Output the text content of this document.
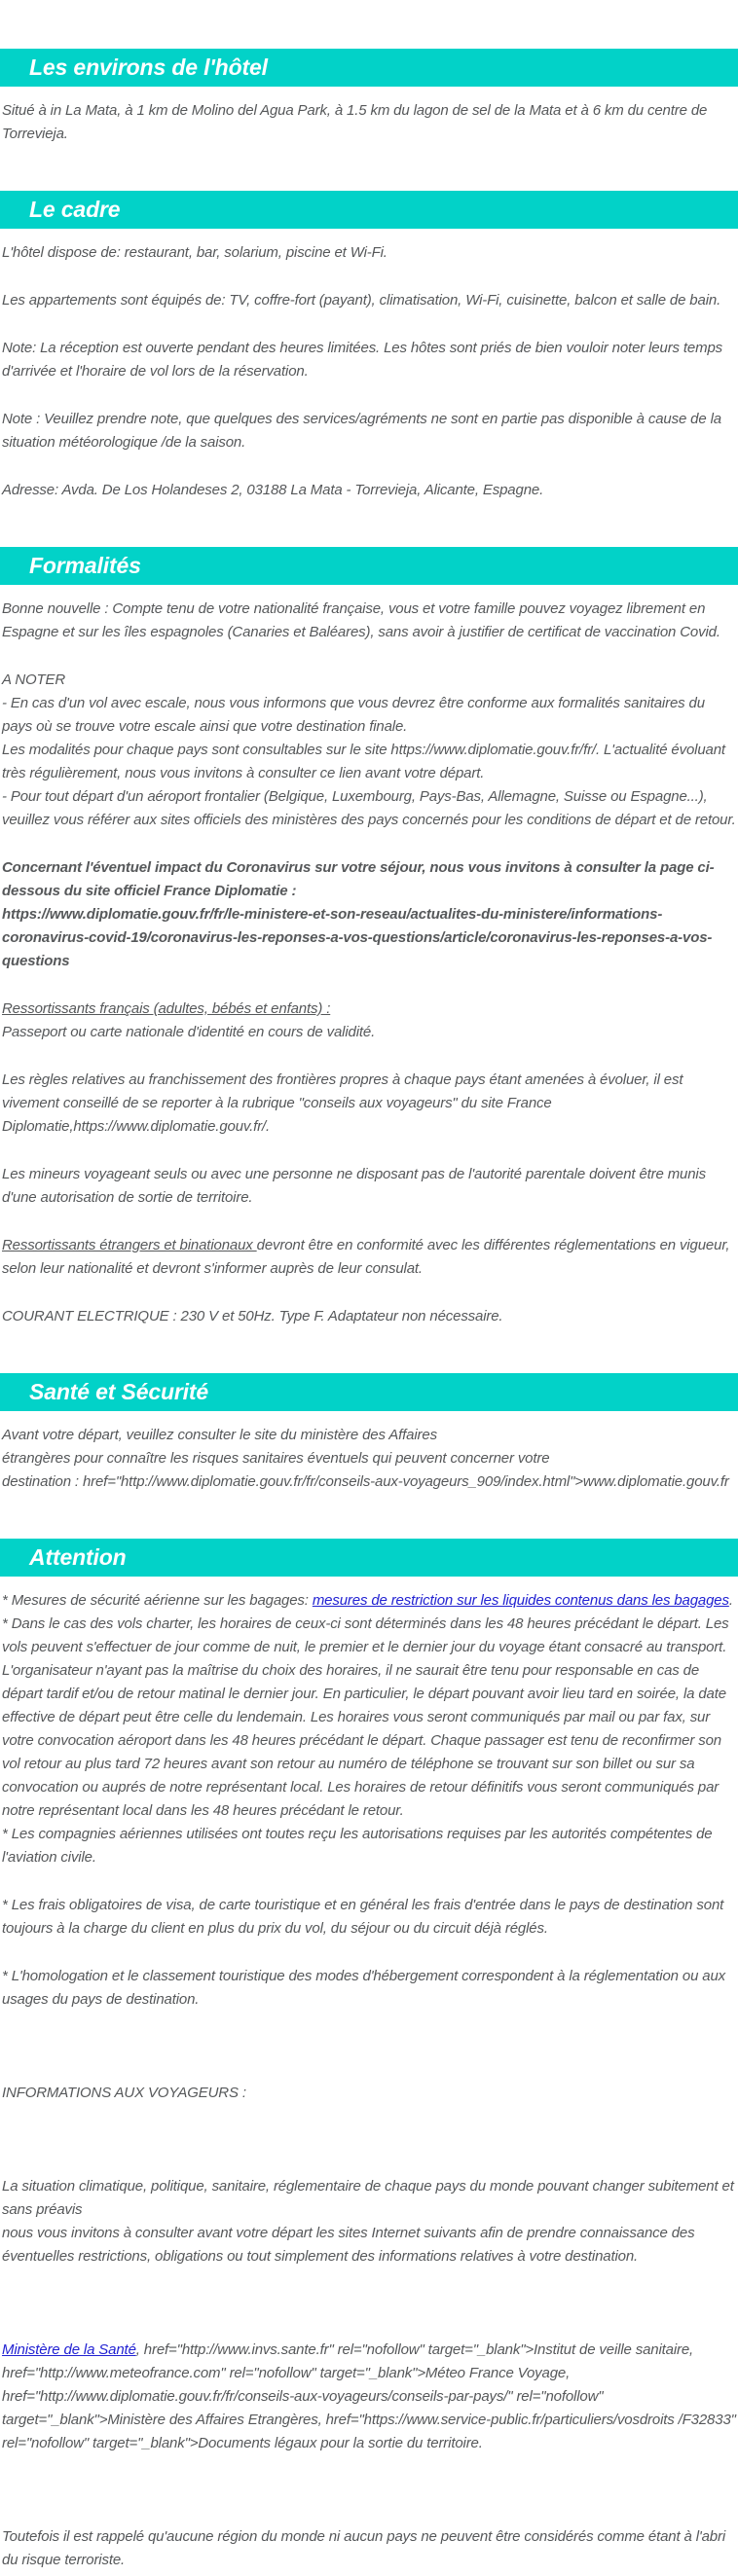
Les environs de l'hôtel

Situé à in La Mata, à 1 km de Molino del Agua Park, à 1.5 km du lagon de sel de la Mata et à 6 km du centre de Torrevieja.

Le cadre

L'hôtel dispose de: restaurant, bar, solarium, piscine et Wi-Fi.

Les appartements sont équipés de: TV, coffre-fort (payant), climatisation, Wi-Fi, cuisinette, balcon et salle de bain.

Note: La réception est ouverte pendant des heures limitées. Les hôtes sont priés de bien vouloir noter leurs temps d'arrivée et l'horaire de vol lors de la réservation.

Note : Veuillez prendre note, que quelques des services/agréments ne sont en partie pas disponible à cause de la situation météorologique /de la saison.

Adresse: Avda. De Los Holandeses 2, 03188 La Mata - Torrevieja, Alicante, Espagne.

Formalités

Bonne nouvelle : Compte tenu de votre nationalité française, vous et votre famille pouvez voyagez librement en Espagne et sur les îles espagnoles (Canaries et Baléares), sans avoir à justifier de certificat de vaccination Covid.

A NOTER

- En cas d'un vol avec escale, nous vous informons que vous devrez être conforme aux formalités sanitaires du pays où se trouve votre escale ainsi que votre destination finale.

Les modalités pour chaque pays sont consultables sur le site https://www.diplomatie.gouv.fr/fr/. L'actualité évoluant très régulièrement, nous vous invitons à consulter ce lien avant votre départ.

- Pour tout départ d'un aéroport frontalier (Belgique, Luxembourg, Pays-Bas, Allemagne, Suisse ou Espagne...), veuillez vous référer aux sites officiels des ministères des pays concernés pour les conditions de départ et de retour.

Concernant l'éventuel impact du Coronavirus sur votre séjour, nous vous invitons à consulter la page ci-dessous du site officiel France Diplomatie :
https://www.diplomatie.gouv.fr/fr/le-ministere-et-son-reseau/actualites-du-ministere/informations-coronavirus-covid-19/coronavirus-les-reponses-a-vos-questions/article/coronavirus-les-reponses-a-vos-questions

Ressortissants français (adultes, bébés et enfants) :

Passeport ou carte nationale d'identité en cours de validité.

Les règles relatives au franchissement des frontières propres à chaque pays étant amenées à évoluer, il est vivement conseillé de se reporter à la rubrique "conseils aux voyageurs" du site France Diplomatie,https://www.diplomatie.gouv.fr/.

Les mineurs voyageant seuls ou avec une personne ne disposant pas de l'autorité parentale doivent être munis d'une autorisation de sortie de territoire.

Ressortissants étrangers et binationaux devront être en conformité avec les différentes réglementations en vigueur, selon leur nationalité et devront s'informer auprès de leur consulat.

COURANT ELECTRIQUE : 230 V et 50Hz. Type F. Adaptateur non nécessaire.

Santé et Sécurité

Avant votre départ, veuillez consulter le site du ministère des Affaires
étrangères pour connaître les risques sanitaires éventuels qui peuvent concerner votre
destination : href="http://www.diplomatie.gouv.fr/fr/conseils-aux-voyageurs_909/index.html">www.diplomatie.gouv.fr

Attention

* Mesures de sécurité aérienne sur les bagages: mesures de restriction sur les liquides contenus dans les bagages.

* Dans le cas des vols charter, les horaires de ceux-ci sont déterminés dans les 48 heures précédant le départ. Les vols peuvent s'effectuer de jour comme de nuit, le premier et le dernier jour du voyage étant consacré au transport. L'organisateur n'ayant pas la maîtrise du choix des horaires, il ne saurait être tenu pour responsable en cas de départ tardif et/ou de retour matinal le dernier jour. En particulier, le départ pouvant avoir lieu tard en soirée, la date effective de départ peut être celle du lendemain. Les horaires vous seront communiqués par mail ou par fax, sur votre convocation aéroport dans les 48 heures précédant le départ. Chaque passager est tenu de reconfirmer son vol retour au plus tard 72 heures avant son retour au numéro de téléphone se trouvant sur son billet ou sur sa convocation ou auprés de notre représentant local. Les horaires de retour définitifs vous seront communiqués par notre représentant local dans les 48 heures précédant le retour.

* Les compagnies aériennes utilisées ont toutes reçu les autorisations requises par les autorités compétentes de l'aviation civile.

* Les frais obligatoires de visa, de carte touristique et en général les frais d'entrée dans le pays de destination sont toujours à la charge du client en plus du prix du vol, du séjour ou du circuit déjà réglés.

* L'homologation et le classement touristique des modes d'hébergement correspondent à la réglementation ou aux usages du pays de destination.

INFORMATIONS AUX VOYAGEURS :

La situation climatique, politique, sanitaire, réglementaire de chaque pays du monde pouvant changer subitement et sans préavis
nous vous invitons à consulter avant votre départ les sites Internet suivants afin de prendre connaissance des éventuelles restrictions, obligations ou tout simplement des informations relatives à votre destination.

Ministère de la Santé, href="http://www.invs.sante.fr" rel="nofollow" target="_blank">Institut de veille sanitaire, href="http://www.meteofrance.com" rel="nofollow" target="_blank">Méteo France Voyage, href="http://www.diplomatie.gouv.fr/fr/conseils-aux-voyageurs/conseils-par-pays/" rel="nofollow" target="_blank">Ministère des Affaires Etrangères, href="https://www.service-public.fr/particuliers/vosdroits /F32833" rel="nofollow" target="_blank">Documents légaux pour la sortie du territoire.

Toutefois il est rappelé qu'aucune région du monde ni aucun pays ne peuvent être considérés comme étant à l'abri du risque terroriste.
